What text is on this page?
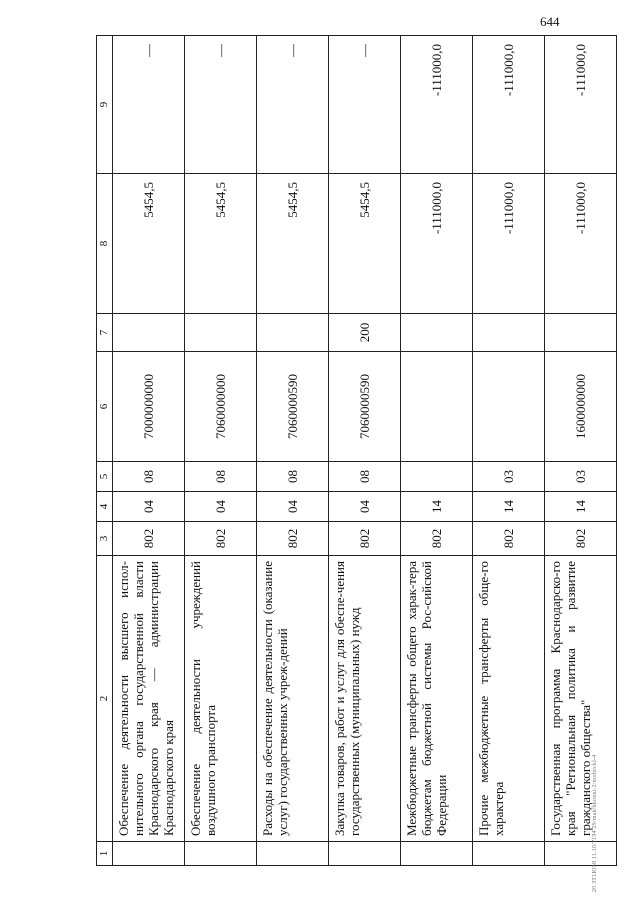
644
1	2	3	4	5	6	7	8	9
	Обеспечение деятельности высшего испол-нительного органа государственной власти Краснодарского края — администрации Краснодарского края	802	04	08	7000000000		5454,5	—
	Обеспечение деятельности учреждений воздушного транспорта	802	04	08	7060000000		5454,5	—
	Расходы на обеспечение деятельности (оказание услуг) государственных учреж-дений	802	04	08	7060000590		5454,5	—
	Закупка товаров, работ и услуг для обеспе-чения государственных (муниципальных) нужд	802	04	08	7060000590	200	5454,5	—
	Межбюджетные трансферты общего харак-тера бюджетам бюджетной системы Рос-сийской Федерации	802	14				-111000,0	-111000,0
	Прочие межбюджетные трансферты обще-го характера	802	14	03			-111000,0	-111000,0
	Государственная программа Краснодарско-го края "Региональная политика и развитие гражданского общества"	802	14	03	1600000000		-111000,0	-111000,0
20 ЗТ1Ю58 11.10/7194 29/mak/bkoxni-2/nodieckl-4
